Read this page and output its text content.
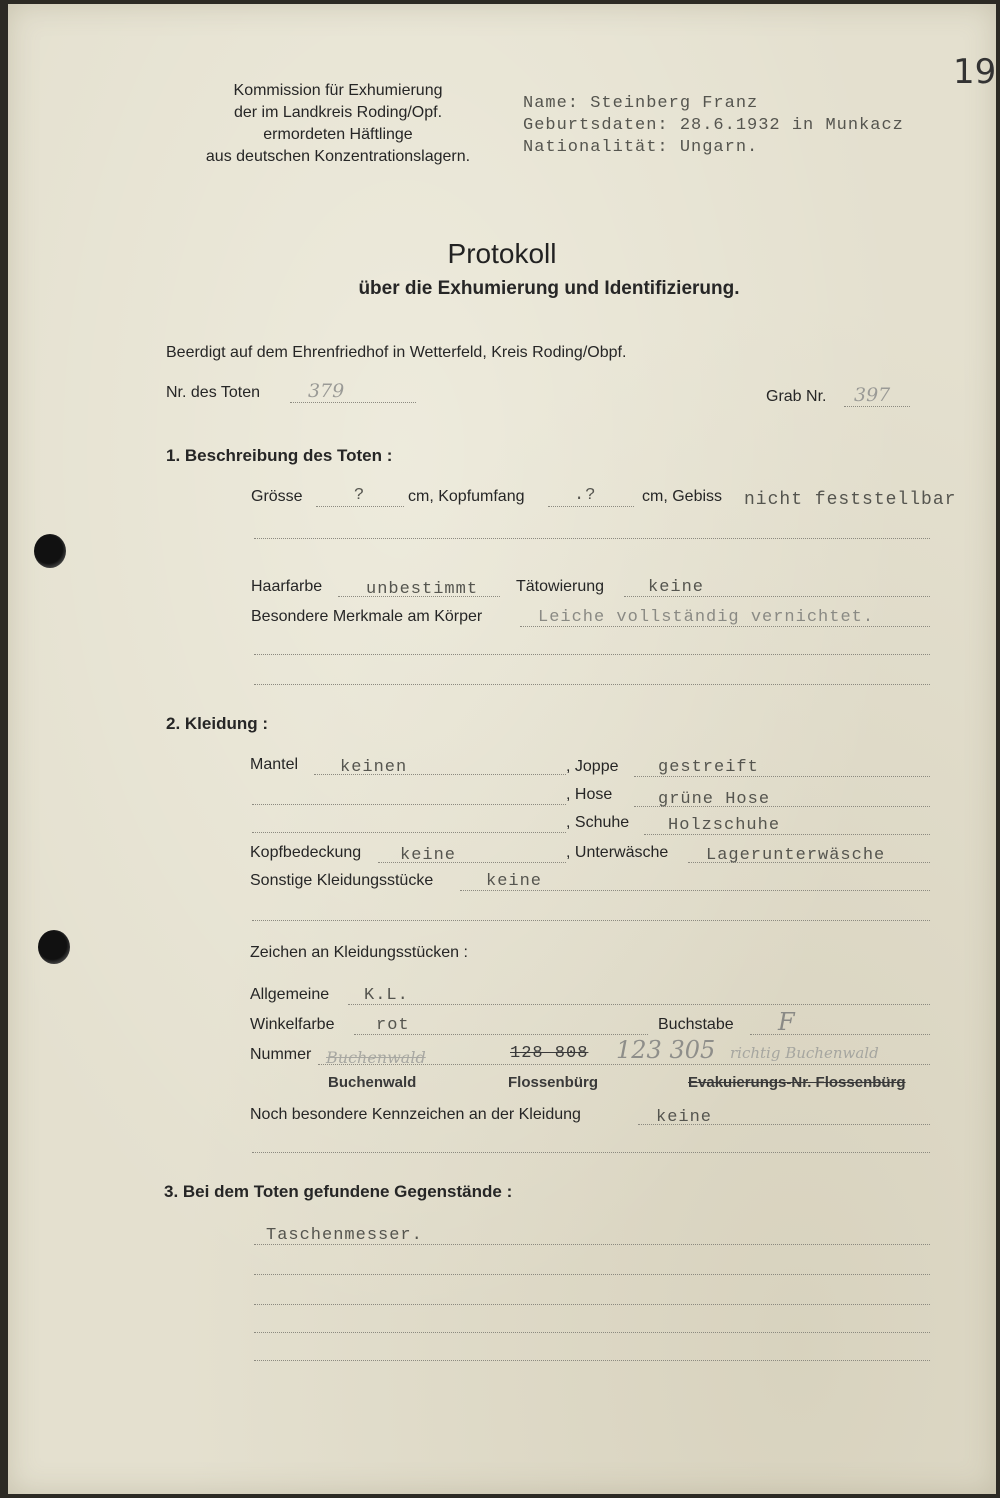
19
Kommission für Exhumierung
der im Landkreis Roding/Opf.
ermordeten Häftlinge
aus deutschen Konzentrationslagern.
Name: Steinberg Franz
Geburtsdaten: 28.6.1932 in Munkacz
Nationalität: Ungarn.
Protokoll
über die Exhumierung und Identifizierung.
Beerdigt auf dem Ehrenfriedhof in Wetterfeld, Kreis Roding/Obpf.
Nr. des Toten	379	Grab Nr. 397
1. Beschreibung des Toten :
Grösse	?	cm, Kopfumfang	.?	cm, Gebiss nicht feststellbar
Haarfarbe	unbestimmt Tätowierung	keine
Besondere Merkmale am Körper	Leiche vollständig vernichtet.
2. Kleidung :
Mantel keinen	, Joppe gestreift
, Hose	grüne Hose
, Schuhe Holzschuhe
Kopfbedeckung keine	, Unterwäsche Lagerunterwäsche
Sonstige Kleidungsstücke	keine
Zeichen an Kleidungsstücken :
Allgemeine K.L.
Winkelfarbe rot	Buchstabe F
Nummer Buchenwald	128 808 123 305 richtig Buchenwald
Buchenwald	Flossenbürg	Evakuierungs-Nr. Flossenbürg
Noch besondere Kennzeichen an der Kleidung	keine
3. Bei dem Toten gefundene Gegenstände :
Taschenmesser.
